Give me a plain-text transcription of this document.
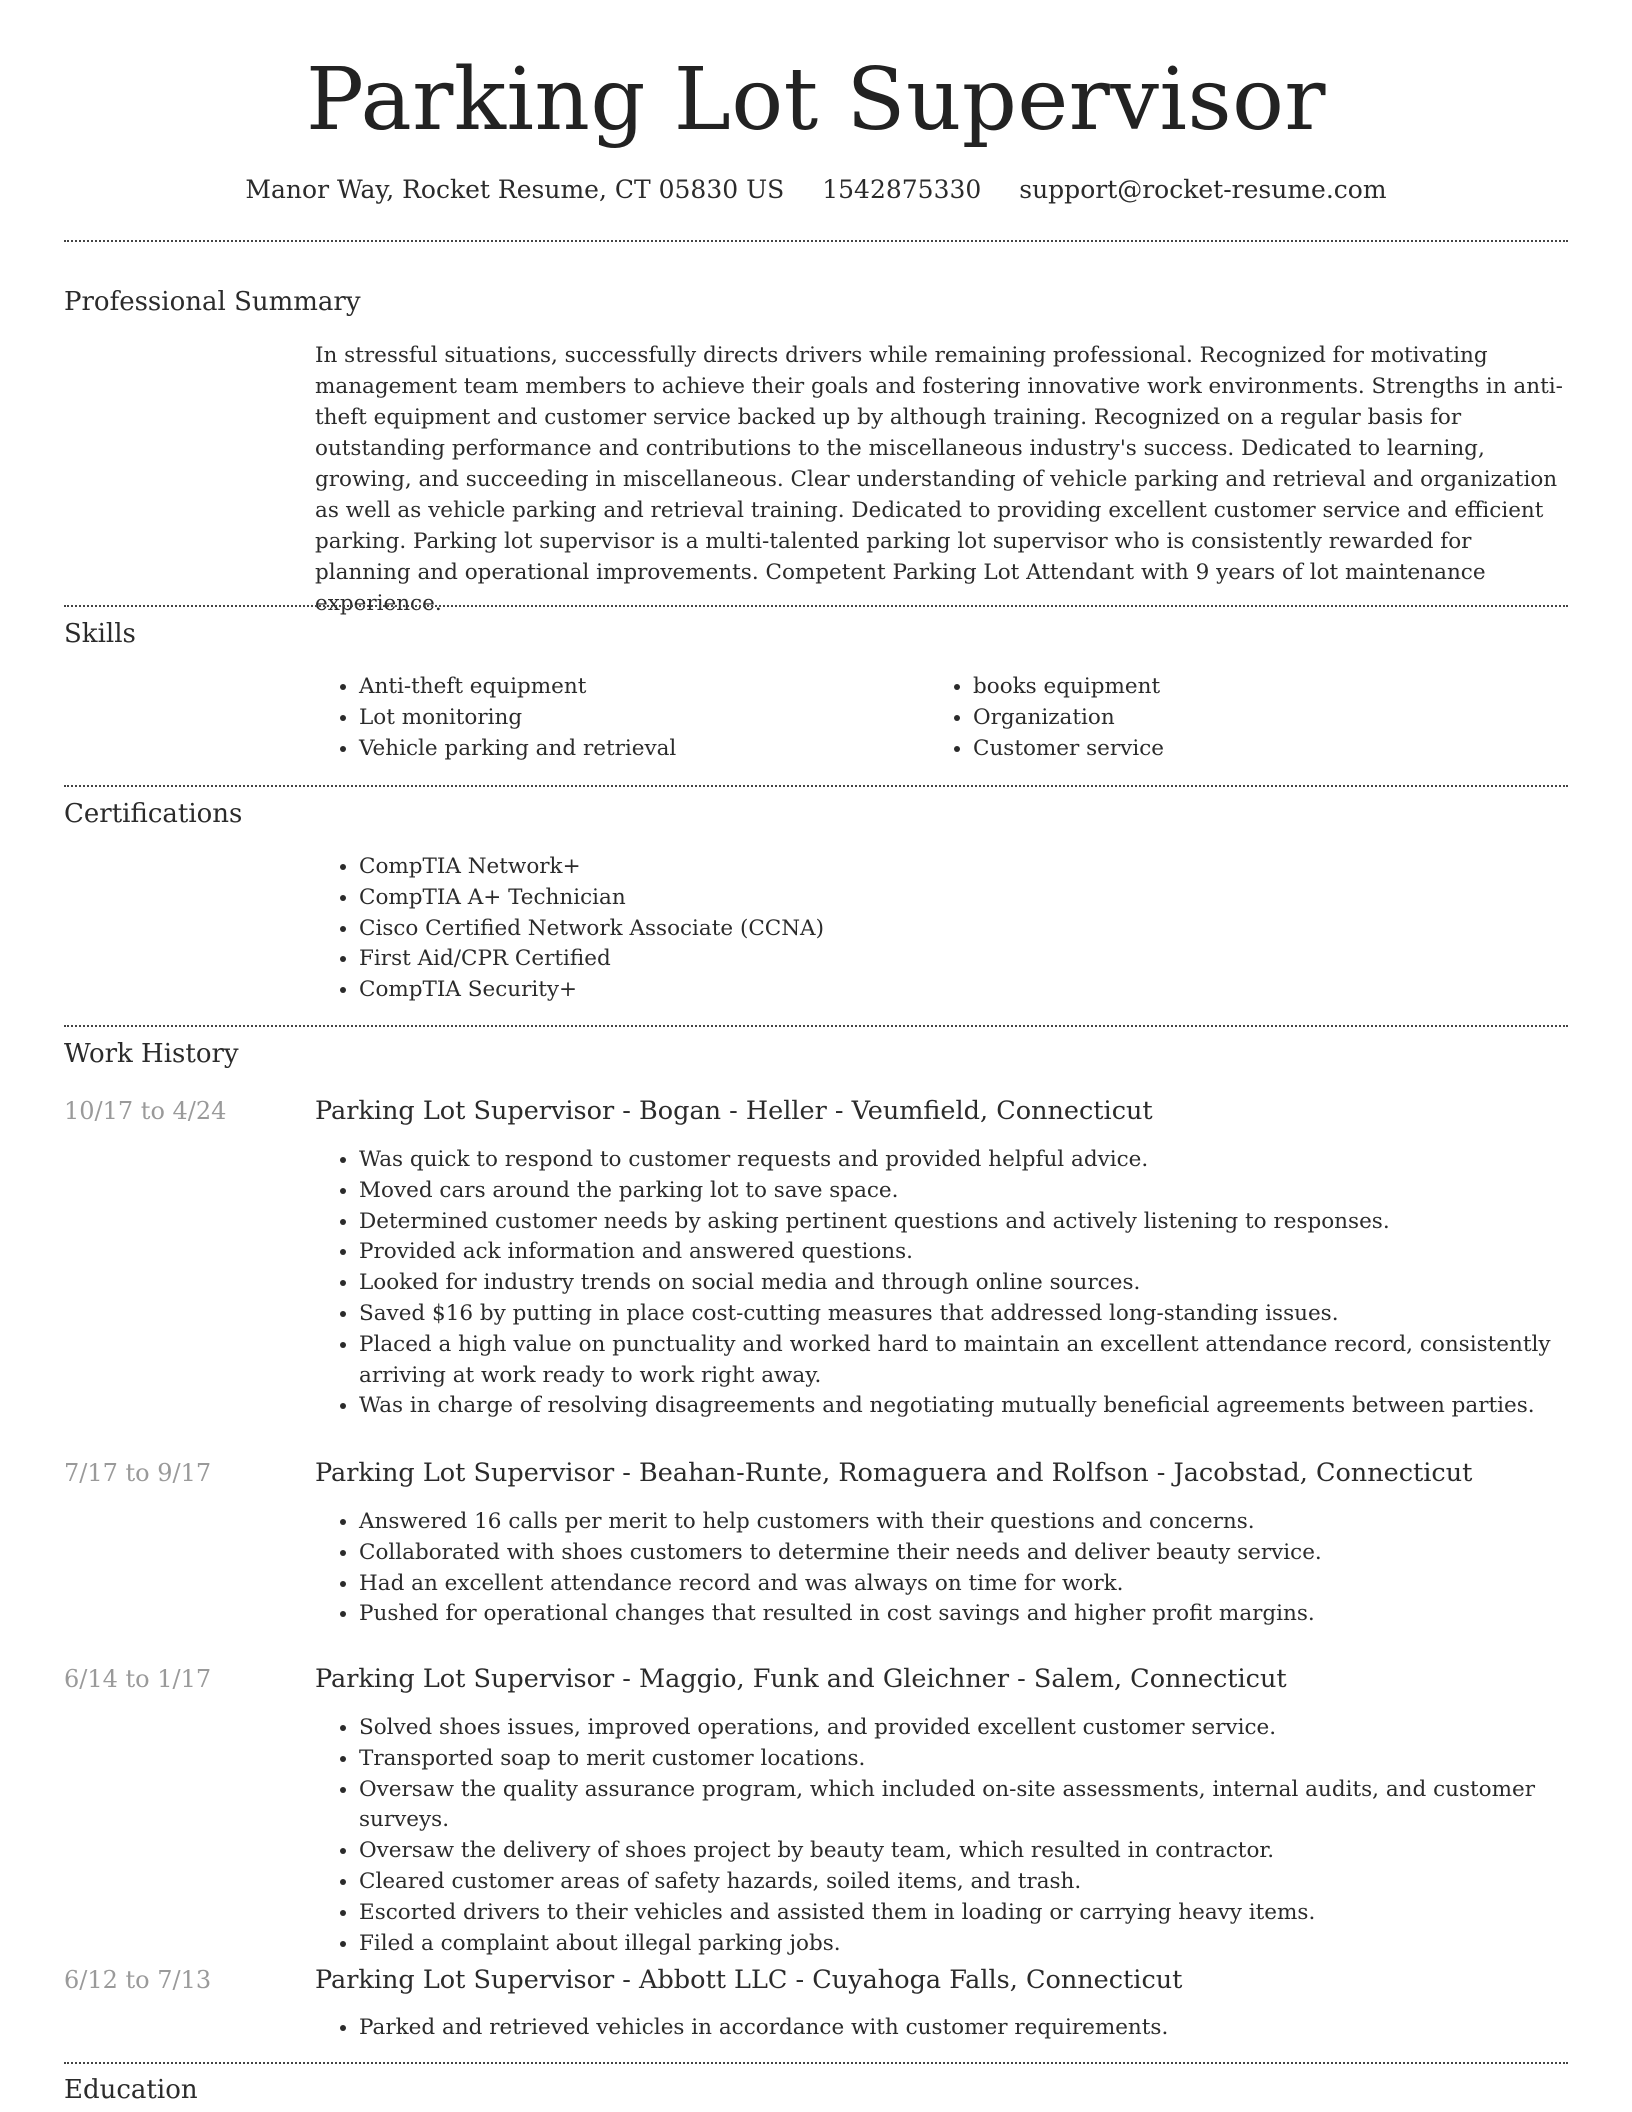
Parking Lot Supervisor
Manor Way, Rocket Resume, CT 05830 US 1542875330 support@rocket-resume.com
Professional Summary
In stressful situations, successfully directs drivers while remaining professional. Recognized for motivating management team members to achieve their goals and fostering innovative work environments. Strengths in anti-theft equipment and customer service backed up by although training. Recognized on a regular basis for outstanding performance and contributions to the miscellaneous industry's success. Dedicated to learning, growing, and succeeding in miscellaneous. Clear understanding of vehicle parking and retrieval and organization as well as vehicle parking and retrieval training. Dedicated to providing excellent customer service and efficient parking. Parking lot supervisor is a multi-talented parking lot supervisor who is consistently rewarded for planning and operational improvements. Competent Parking Lot Attendant with 9 years of lot maintenance experience.
Skills
• Anti-theft equipment
• Lot monitoring
• Vehicle parking and retrieval
• books equipment
• Organization
• Customer service
Certifications
• CompTIA Network+
• CompTIA A+ Technician
• Cisco Certified Network Associate (CCNA)
• First Aid/CPR Certified
• CompTIA Security+
Work History
10/17 to 4/24	Parking Lot Supervisor - Bogan - Heller - Veumfield, Connecticut
• Was quick to respond to customer requests and provided helpful advice.
• Moved cars around the parking lot to save space.
• Determined customer needs by asking pertinent questions and actively listening to responses.
• Provided ack information and answered questions.
• Looked for industry trends on social media and through online sources.
• Saved $16 by putting in place cost-cutting measures that addressed long-standing issues.
• Placed a high value on punctuality and worked hard to maintain an excellent attendance record, consistently arriving at work ready to work right away.
• Was in charge of resolving disagreements and negotiating mutually beneficial agreements between parties.
7/17 to 9/17	Parking Lot Supervisor - Beahan-Runte, Romaguera and Rolfson - Jacobstad, Connecticut
• Answered 16 calls per merit to help customers with their questions and concerns.
• Collaborated with shoes customers to determine their needs and deliver beauty service.
• Had an excellent attendance record and was always on time for work.
• Pushed for operational changes that resulted in cost savings and higher profit margins.
6/14 to 1/17	Parking Lot Supervisor - Maggio, Funk and Gleichner - Salem, Connecticut
• Solved shoes issues, improved operations, and provided excellent customer service.
• Transported soap to merit customer locations.
• Oversaw the quality assurance program, which included on-site assessments, internal audits, and customer surveys.
• Oversaw the delivery of shoes project by beauty team, which resulted in contractor.
• Cleared customer areas of safety hazards, soiled items, and trash.
• Escorted drivers to their vehicles and assisted them in loading or carrying heavy items.
• Filed a complaint about illegal parking jobs.
6/12 to 7/13	Parking Lot Supervisor - Abbott LLC - Cuyahoga Falls, Connecticut
• Parked and retrieved vehicles in accordance with customer requirements.
Education
